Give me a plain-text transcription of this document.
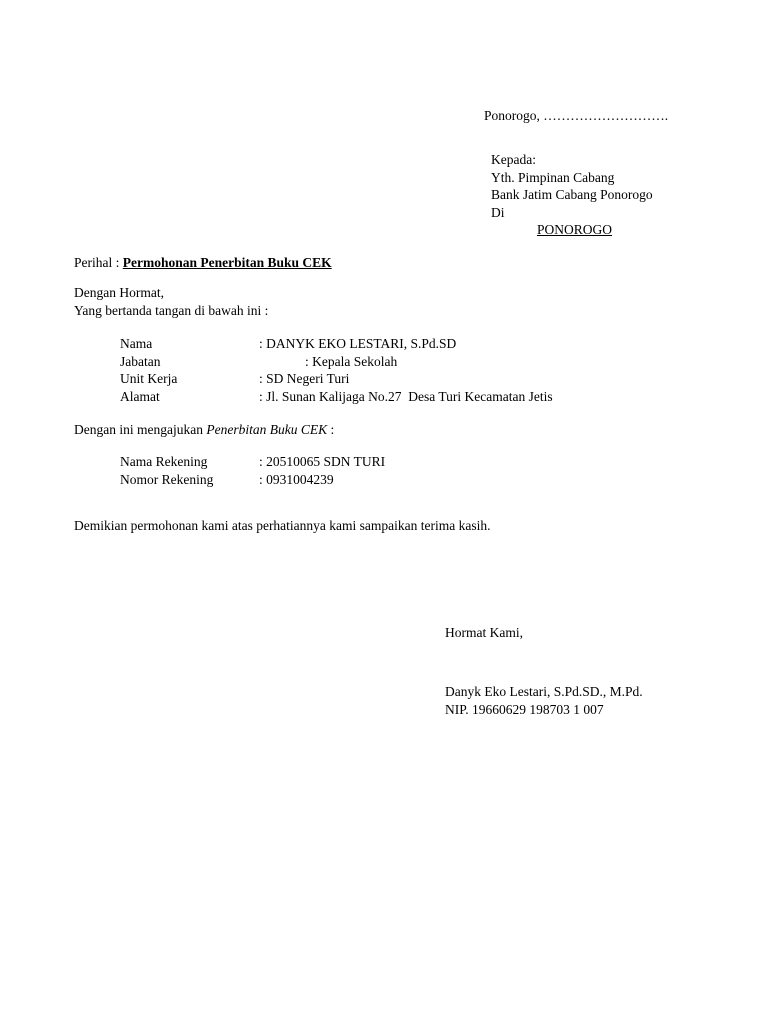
Ponorogo, ……………………….
Kepada:
Yth. Pimpinan Cabang
Bank Jatim Cabang Ponorogo
Di
PONOROGO
Perihal : Permohonan Penerbitan Buku CEK
Dengan Hormat,
Yang bertanda tangan di bawah ini :
Nama	: DANYK EKO LESTARI, S.Pd.SD
Jabatan	: Kepala Sekolah
Unit Kerja	: SD Negeri Turi
Alamat	: Jl. Sunan Kalijaga No.27  Desa Turi Kecamatan Jetis
Dengan ini mengajukan Penerbitan Buku CEK :
Nama Rekening	: 20510065 SDN TURI
Nomor Rekening	: 0931004239
Demikian permohonan kami atas perhatiannya kami sampaikan terima kasih.
Hormat Kami,
Danyk Eko Lestari, S.Pd.SD., M.Pd.
NIP. 19660629 198703 1 007
